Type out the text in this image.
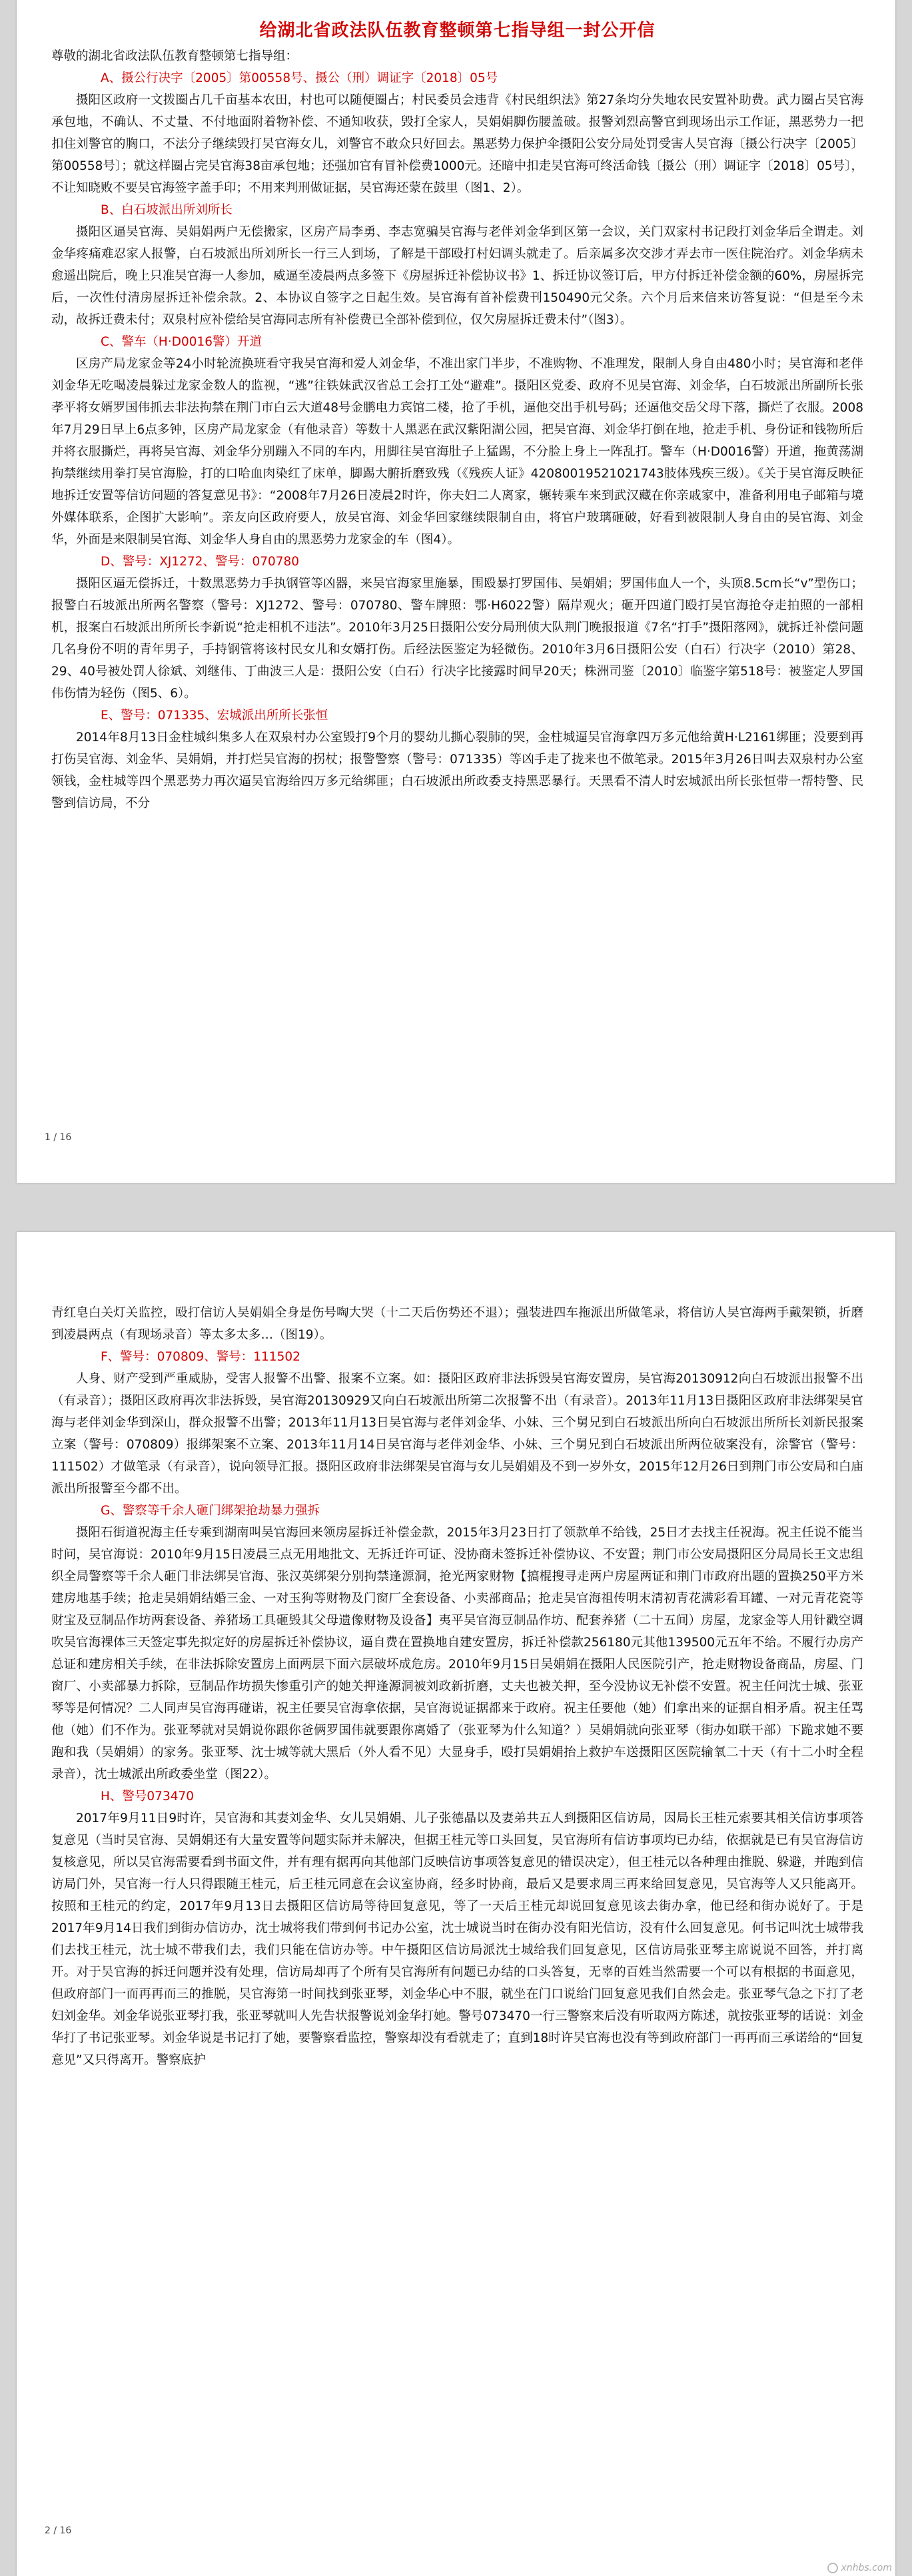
给湖北省政法队伍教育整顿第七指导组一封公开信
尊敬的湖北省政法队伍教育整顿第七指导组：
A、摄公行决字〔2005〕第00558号、摄公（刑）调证字〔2018〕05号

摄阳区政府一文拨圈占几千亩基本农田，村也可以随便圈占；村民委员会违背《村民组织法》第27条均分失地农民安置补助费。武力圈占吴官海承包地，不确认、不丈量、不付地面附着物补偿、不通知收获，毁打全家人，吴娟娟脚伤腰盖破。报警刘烈高警官到现场出示工作证，黑恶势力一把扣住刘警官的胸口，不法分子继续毁打吴官海女儿，刘警官不敢众只好回去。黑恶势力保护伞摄阳公安分局处罚受害人吴官海〔摄公行决字〔2005〕第00558号〕；就这样圈占完吴官海38亩承包地；还强加官有冒补偿费1000元。还暗中扣走吴官海可终活命钱〔摄公（刑）调证字〔2018〕05号〕，不让知晓败不要吴官海签字盖手印；不用来判刑做证据，吴官海还蒙在鼓里（图1、2）。

B、白石坡派出所刘所长

摄阳区逼吴官海、吴娟娟两户无偿搬家，区房产局李勇、李志宽骗吴官海与老伴刘金华到区第一会议，关门双家村书记段打刘金华后全谓走。刘金华疼痛难忍家人报警，白石坡派出所刘所长一行三人到场，了解是干部殴打村妇调头就走了。后亲属多次交涉才弄去市一医住院治疗。刘金华病未愈遥出院后，晚上只准吴官海一人参加，威逼至凌晨两点多签下《房屋拆迁补偿协议书》1、拆迁协议签订后，甲方付拆迁补偿金额的60%，房屋拆完后，一次性付清房屋拆迁补偿余款。2、本协议自签字之日起生效。吴官海有首补偿费刊150490元父条。六个月后来信来访答复说：“但是至今未动，故拆迁费未付；双泉村应补偿给吴官海同志所有补偿费已全部补偿到位，仅欠房屋拆迁费未付”（图3）。

C、警车（H·D0016警）开道

区房产局龙家金等24小时轮流换班看守我吴官海和爱人刘金华，不准出家门半步，不准购物、不准理发，限制人身自由480小时；吴官海和老伴刘金华无吃喝凌晨躲过龙家金数人的监视，“逃”往铁妹武汉省总工会打工处“避难”。摄阳区党委、政府不见吴官海、刘金华，白石坡派出所副所长张孝平将女婿罗国伟抓去非法拘禁在荆门市白云大道48号金鹏电力宾馆二楼，抢了手机，逼他交出手机号码；还逼他交岳父母下落，撕烂了衣服。2008年7月29日早上6点多钟，区房产局龙家金（有他录音）等数十人黑恶在武汉紫阳湖公园，把吴官海、刘金华打倒在地，抢走手机、身份证和钱物所后并将衣服撕烂，再将吴官海、刘金华分别蹦入不同的车内，用脚往吴官海肚子上猛踢，不分脸上身上一阵乱打。警车（H·D0016警）开道，拖黄荡湖拘禁继续用拳打吴官海脸，打的口哈血肉染红了床单，脚踢大腑折磨致残（《残疾人证》42080019521021743肢体残疾三级）。《关于吴官海反映征地拆迁安置等信访问题的答复意见书》：“2008年7月26日凌晨2时许，你夫妇二人离家，辗转乘车来到武汉藏在你亲戚家中，准备利用电子邮箱与境外媒体联系，企图扩大影响”。亲友向区政府要人，放吴官海、刘金华回家继续限制自由，将官户玻璃砸破，好看到被限制人身自由的吴官海、刘金华，外面是来限制吴官海、刘金华人身自由的黑恶势力龙家金的车（图4）。

D、警号：XJ1272、警号：070780

摄阳区逼无偿拆迁，十数黑恶势力手执钢管等凶器，来吴官海家里施暴，围殴暴打罗国伟、吴娟娟；罗国伟血人一个，头顶8.5cm长“v”型伤口；报警白石坡派出所两名警察（警号：XJ1272、警号：070780、警车牌照：鄂·H6022警）隔岸观火；砸开四道门殴打吴官海抢夺走拍照的一部相机，报案白石坡派出所所长李新说“抢走相机不违法”。2010年3月25日摄阳公安分局刑侦大队荆门晚报报道《7名“打手”摄阳落网》，就拆迁补偿问题几名身份不明的青年男子，手持钢管将该村民女儿和女婿打伤。后经法医鉴定为轻微伤。2010年3月6日摄阳公安（白石）行决字（2010）第28、29、40号被处罚人徐斌、刘继伟、丁曲波三人是：摄阳公安（白石）行决字比接露时间早20天；株洲司鉴〔2010〕临鉴字第518号：被鉴定人罗国伟伤情为轻伤（图5、6）。

E、警号：071335、宏城派出所所长张恒

2014年8月13日金柱城纠集多人在双泉村办公室毁打9个月的婴幼儿撕心裂肺的哭，金柱城逼吴官海拿四万多元他给黄H·L2161绑匪；没要到再打伤吴官海、刘金华、吴娟娟，并打烂吴官海的拐杖；报警警察（警号：071335）等凶手走了拢来也不做笔录。2015年3月26日叫去双泉村办公室领钱，金柱城等四个黑恶势力再次逼吴官海给四万多元给绑匪；白石坡派出所政委支持黑恶暴行。天黑看不清人时宏城派出所长张恒带一帮特警、民警到信访局，不分

1 / 16

青红皂白关灯关监控，殴打信访人吴娟娟全身是伤号啕大哭（十二天后伤势还不退）；强装进四车拖派出所做笔录，将信访人吴官海两手戴架锁，折磨到凌晨两点（有现场录音）等太多太多…（图19）。

F、警号：070809、警号：111502

人身、财产受到严重威胁，受害人报警不出警、报案不立案。如：摄阳区政府非法拆毁吴官海安置房，吴官海20130912向白石坡派出报警不出（有录音）；摄阳区政府再次非法拆毁，吴官海20130929又向白石坡派出所第二次报警不出（有录音）。2013年11月13日摄阳区政府非法绑架吴官海与老伴刘金华到深山，群众报警不出警；2013年11月13日吴官海与老伴刘金华、小妹、三个舅兄到白石坡派出所向白石坡派出所所长刘新民报案立案（警号：070809）报绑架案不立案、2013年11月14日吴官海与老伴刘金华、小妹、三个舅兄到白石坡派出所两位破案没有，涂警官（警号：111502）才做笔录（有录音），说向领导汇报。摄阳区政府非法绑架吴官海与女儿吴娟娟及不到一岁外女，2015年12月26日到荆门市公安局和白庙派出所报警至今都不出。

G、警察等千余人砸门绑架抢劫暴力强拆

摄阳石街道祝海主任专乘到湖南叫吴官海回来领房屋拆迁补偿金款，2015年3月23日打了领款单不给钱，25日才去找主任祝海。祝主任说不能当时问，吴官海说：2010年9月15日凌晨三点无用地批文、无拆迁许可证、没协商未签拆迁补偿协议、不安置；荆门市公安局摄阳区分局局长王文忠组织全局警察等千余人砸门非法绑吴官海、张汉英绑架分别拘禁逢源洞，抢光两家财物【搞棍搜寻走两户房屋两证和荆门市政府出题的置换250平方米建房地基手续；抢走吴娟娟结婚三金、一对玉狗等财物及门窗厂全套设备、小卖部商品；抢走吴官海祖传明末清初青花满彩看耳罐、一对元青花瓷等财宝及豆制品作坊两套设备、养猪场工具砸毁其父母遗像财物及设备】夷平吴官海豆制品作坊、配套养猪（二十五间）房屋，龙家金等人用针戳空调吹吴官海裸体三天签定事先拟定好的房屋拆迁补偿协议，逼自费在置换地自建安置房，拆迁补偿款256180元其他139500元五年不给。不履行办房产总证和建房相关手续，在非法拆除安置房上面两层下面六层破坏成危房。2010年9月15日吴娟娟在摄阳人民医院引产，抢走财物设备商品，房屋、门窗厂、小卖部暴力拆除，豆制品作坊损失惨重引产的她关押逢源洞被刘政新折磨，丈夫也被关押，至今没协议无补偿不安置。祝主任问沈士城、张亚琴等是何情况？二人同声吴官海再碰诺，祝主任要吴官海拿依据，吴官海说证据都来于政府。祝主任要他（她）们拿出来的证据自相矛盾。祝主任骂他（她）们不作为。张亚琴就对吴娟说你跟你爸俩罗国伟就要跟你离婚了（张亚琴为什么知道？）吴娟娟就向张亚琴（街办如联干部）下跪求她不要跑和我（吴娟娟）的家务。张亚琴、沈士城等就大黑后（外人看不见）大显身手，殴打吴娟娟抬上救护车送摄阳区医院输氧二十天（有十二小时全程录音），沈士城派出所政委坐堂（图22）。

H、警号073470

2017年9月11日9时许，吴官海和其妻刘金华、女儿吴娟娟、儿子张德晶以及妻弟共五人到摄阳区信访局，因局长王桂元索要其相关信访事项答复意见（当时吴官海、吴娟娟还有大量安置等问题实际并未解决，但据王桂元等口头回复，吴官海所有信访事项均已办结，依据就是已有吴官海信访复核意见，所以吴官海需要看到书面文件，并有理有据再向其他部门反映信访事项答复意见的错误决定），但王桂元以各种理由推脱、躲避，并跑到信访局门外，吴官海一行人只得跟随王桂元，后王桂元同意在会议室协商，经多时协商，最后又是要求周三再来给回复意见，吴官海等人又只能离开。按照和王桂元的约定，2017年9月13日去摄阳区信访局等待回复意见，等了一天后王桂元却说回复意见该去街办拿，他已经和街办说好了。于是2017年9月14日我们到街办信访办，沈士城将我们带到何书记办公室，沈士城说当时在街办没有阳光信访，没有什么回复意见。何书记叫沈士城带我们去找王桂元，沈士城不带我们去，我们只能在信访办等。中午摄阳区信访局派沈士城给我们回复意见，区信访局张亚琴主席说说不回答，并打离开。对于吴官海的拆迁问题并没有处理，信访局却再了个所有吴官海所有问题已办结的口头答复，无辜的百姓当然需要一个可以有根据的书面意见，但政府部门一而再再而三的推脱，吴官海第一时间找到张亚琴，刘金华心中不服，就坐在门口说给门回复意见我们自然会走。张亚琴气急之下打了老妇刘金华。刘金华说张亚琴打我，张亚琴就叫人先告状报警说刘金华打她。警号073470一行三警察来后没有听取两方陈述，就按张亚琴的话说：刘金华打了书记张亚琴。刘金华说是书记打了她，要警察看监控，警察却没有看就走了；直到18时许吴官海也没有等到政府部门一再再而三承诺给的“回复意见”又只得离开。警察底护

2 / 16
xnhbs.com
